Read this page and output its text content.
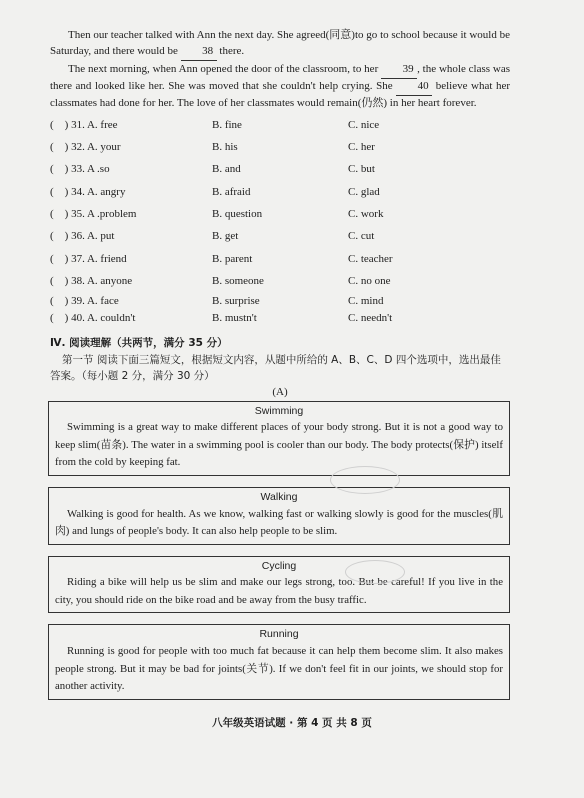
Then our teacher talked with Ann the next day. She agreed(同意)to go to school because it would be Saturday, and there would be 38 there.

The next morning, when Ann opened the door of the classroom, to her 39 , the whole class was there and looked like her. She was moved that she couldn't help crying. She 40 believe what her classmates had done for her. The love of her classmates would remain(仍然) in her heart forever.

(    ) 31. A. free	B. fine	C. nice
(    ) 32. A. your	B. his	C. her
(    ) 33. A .so	B. and	C. but
(    ) 34. A. angry	B. afraid	C. glad
(    ) 35. A .problem	B. question	C. work
(    ) 36. A. put	B. get	C. cut
(    ) 37. A. friend	B. parent	C. teacher
(    ) 38. A. anyone	B. someone	C. no one
(    ) 39. A. face	B. surprise	C. mind
(    ) 40. A. couldn't	B. mustn't	C. needn't
Ⅳ. 阅读理解（共两节，满分 35 分）
第一节 阅读下面三篇短文，根据短文内容，从题中所给的 A、B、C、D 四个选项中，选出最佳答案。（每小题 2 分，满分 30 分）
(A)
Swimming
Swimming is a great way to make different places of your body strong. But it is not a good way to keep slim(苗条). The water in a swimming pool is cooler than our body. The body protects(保护) itself from the cold by keeping fat.
Walking
Walking is good for health. As we know, walking fast or walking slowly is good for the muscles(肌肉) and lungs of people's body. It can also help people to be slim.
Cycling
Riding a bike will help us be slim and make our legs strong, too. But be careful! If you live in the city, you should ride on the bike road and be away from the busy traffic.
Running
Running is good for people with too much fat because it can help them become slim. It also makes people strong. But it may be bad for joints(关节). If we don't feel fit in our joints, we should stop for another activity.
八年级英语试题 · 第 4 页 共 8 页
